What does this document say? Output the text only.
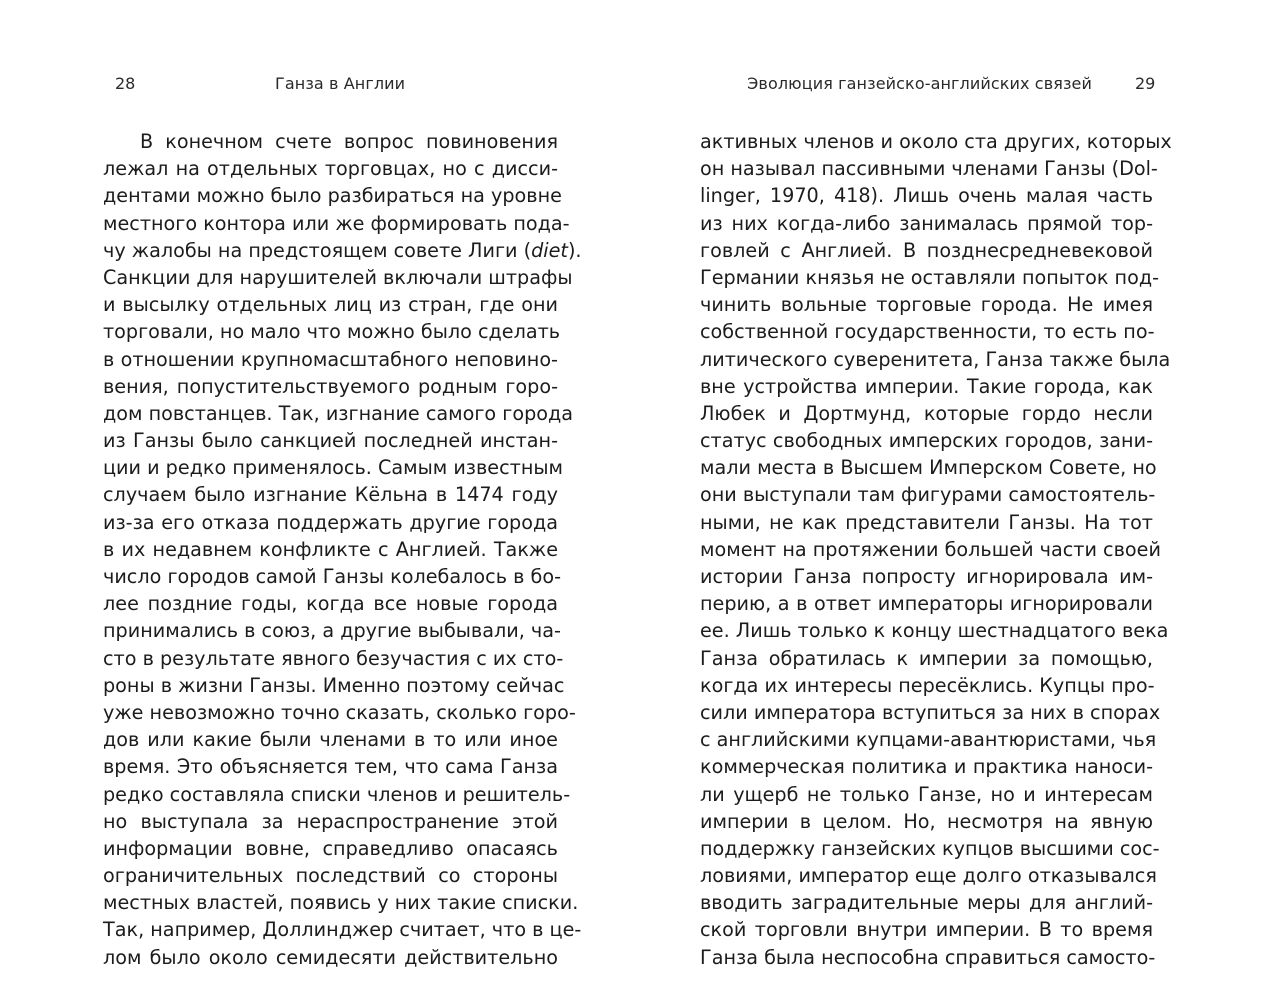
28	Ганза в Англии
В конечном счете вопрос повиновения
лежал на отдельных торговцах, но с дисси-
дентами можно было разбираться на уровне
местного контора или же формировать пода-
чу жалобы на предстоящем совете Лиги (diet).
Санкции для нарушителей включали штрафы
и высылку отдельных лиц из стран, где они
торговали, но мало что можно было сделать
в отношении крупномасштабного неповино-
вения, попустительствуемого родным горо-
дом повстанцев. Так, изгнание самого города
из Ганзы было санкцией последней инстан-
ции и редко применялось. Самым известным
случаем было изгнание Кёльна в 1474 году
из-за его отказа поддержать другие города
в их недавнем конфликте с Англией. Также
число городов самой Ганзы колебалось в бо-
лее поздние годы, когда все новые города
принимались в союз, а другие выбывали, ча-
сто в результате явного безучастия с их сто-
роны в жизни Ганзы. Именно поэтому сейчас
уже невозможно точно сказать, сколько горо-
дов или какие были членами в то или иное
время. Это объясняется тем, что сама Ганза
редко составляла списки членов и решитель-
но выступала за нераспространение этой
информации вовне, справедливо опасаясь
ограничительных последствий со стороны
местных властей, появись у них такие списки.
Так, например, Доллинджер считает, что в це-
лом было около семидесяти действительно
Эволюция ганзейско-английских связей	29
активных членов и около ста других, которых
он называл пассивными членами Ганзы (Dol-
linger, 1970, 418). Лишь очень малая часть
из них когда-либо занималась прямой тор-
говлей с Англией. В позднесредневековой
Германии князья не оставляли попыток под-
чинить вольные торговые города. Не имея
собственной государственности, то есть по-
литического суверенитета, Ганза также была
вне устройства империи. Такие города, как
Любек и Дортмунд, которые гордо несли
статус свободных имперских городов, зани-
мали места в Высшем Имперском Совете, но
они выступали там фигурами самостоятель-
ными, не как представители Ганзы. На тот
момент на протяжении большей части своей
истории Ганза попросту игнорировала им-
перию, а в ответ императоры игнорировали
ее. Лишь только к концу шестнадцатого века
Ганза обратилась к империи за помощью,
когда их интересы пересёклись. Купцы про-
сили императора вступиться за них в спорах
с английскими купцами-авантюристами, чья
коммерческая политика и практика наноси-
ли ущерб не только Ганзе, но и интересам
империи в целом. Но, несмотря на явную
поддержку ганзейских купцов высшими сос-
ловиями, император еще долго отказывался
вводить заградительные меры для англий-
ской торговли внутри империи. В то время
Ганза была неспособна справиться самосто-
